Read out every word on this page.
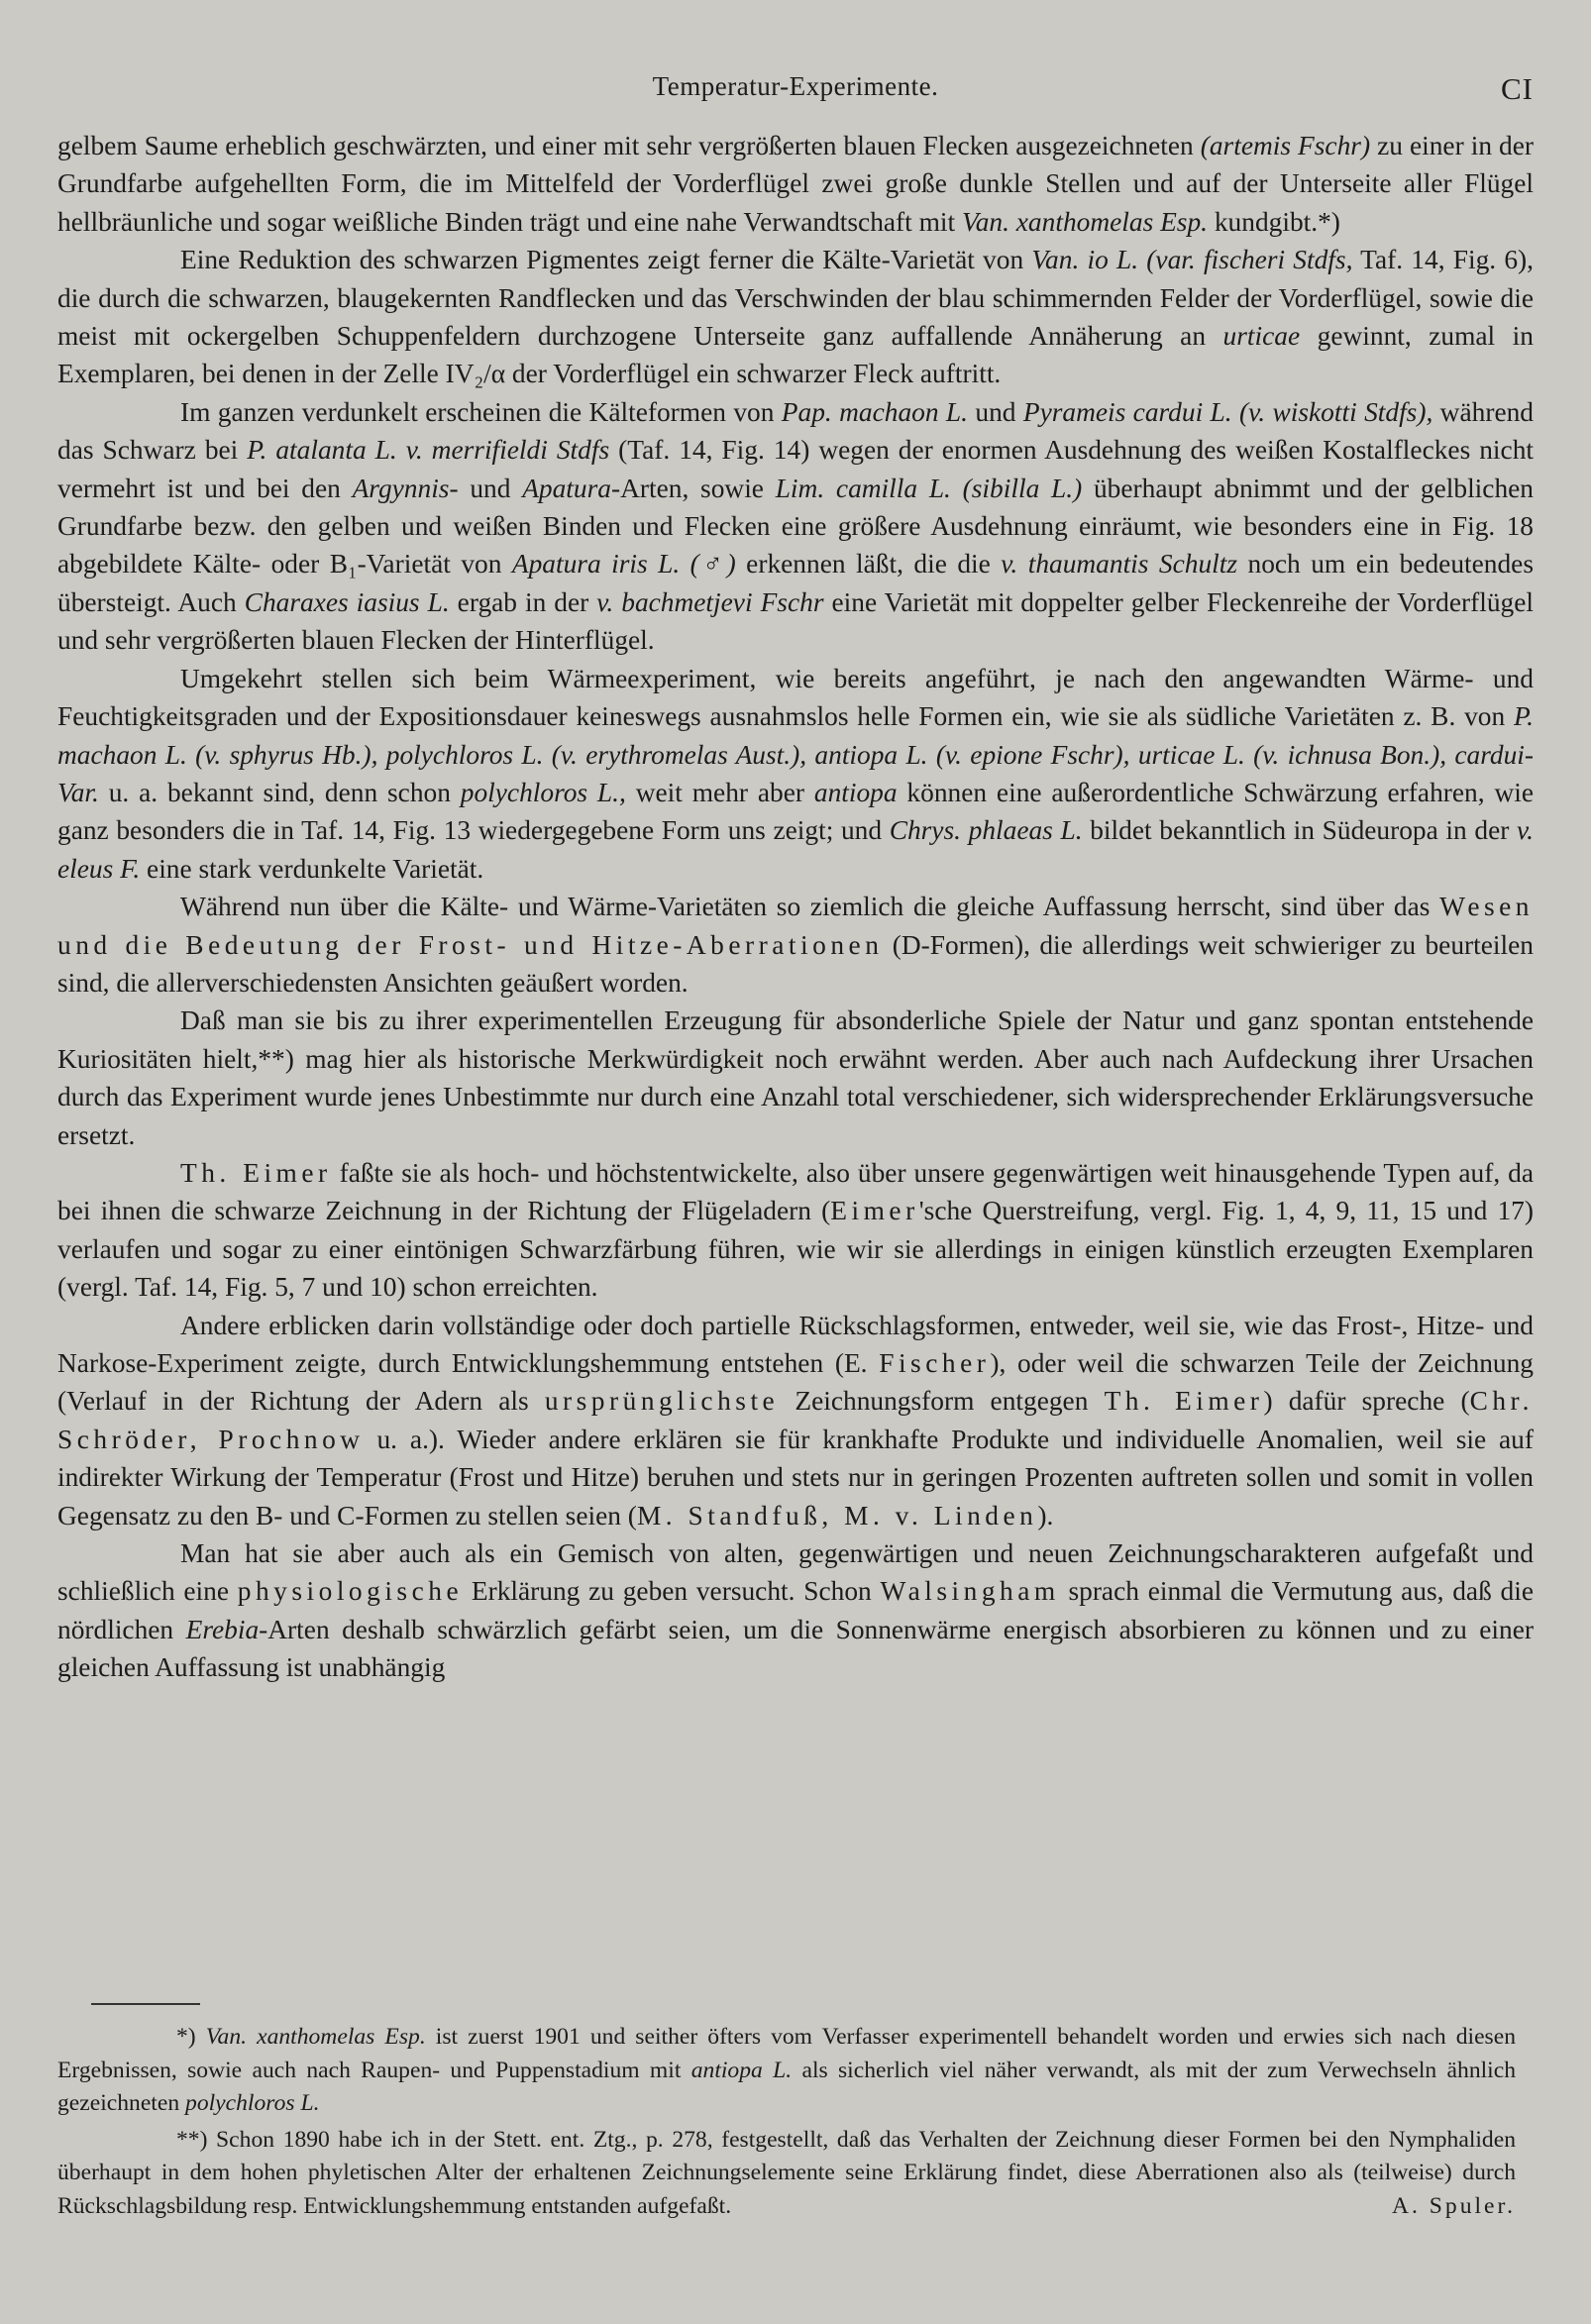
Temperatur-Experimente.	CI

gelbem Saume erheblich geschwärzten, und einer mit sehr vergrößerten blauen Flecken ausgezeichneten (artemis Fschr) zu einer in der Grundfarbe aufgehellten Form, die im Mittelfeld der Vorderflügel zwei große dunkle Stellen und auf der Unterseite aller Flügel hellbräunliche und sogar weißliche Binden trägt und eine nahe Verwandtschaft mit Van. xanthomelas Esp. kundgibt.*)

Eine Reduktion des schwarzen Pigmentes zeigt ferner die Kälte-Varietät von Van. io L. (var. fischeri Stdfs, Taf. 14, Fig. 6), die durch die schwarzen, blaugekernten Randflecken und das Verschwinden der blau schimmernden Felder der Vorderflügel, sowie die meist mit ockergelben Schuppenfeldern durchzogene Unterseite ganz auffallende Annäherung an urticae gewinnt, zumal in Exemplaren, bei denen in der Zelle IV₂/α der Vorderflügel ein schwarzer Fleck auftritt.

Im ganzen verdunkelt erscheinen die Kälteformen von Pap. machaon L. und Pyrameis cardui L. (v. wiskotti Stdfs), während das Schwarz bei P. atalanta L. v. merrifieldi Stdfs (Taf. 14, Fig. 14) wegen der enormen Ausdehnung des weißen Kostalfleckes nicht vermehrt ist und bei den Argynnis- und Apatura-Arten, sowie Lim. camilla L. (sibilla L.) überhaupt abnimmt und der gelblichen Grundfarbe bezw. den gelben und weißen Binden und Flecken eine größere Ausdehnung einräumt, wie besonders eine in Fig. 18 abgebildete Kälte- oder B₁-Varietät von Apatura iris L. (♂) erkennen läßt, die die v. thaumantis Schultz noch um ein bedeutendes übersteigt. Auch Charaxes iasius L. ergab in der v. bachmetjevi Fschr eine Varietät mit doppelter gelber Fleckenreihe der Vorderflügel und sehr vergrößerten blauen Flecken der Hinterflügel.

Umgekehrt stellen sich beim Wärmeexperiment, wie bereits angeführt, je nach den angewandten Wärme- und Feuchtigkeitsgraden und der Expositionsdauer keineswegs ausnahmslos helle Formen ein, wie sie als südliche Varietäten z. B. von P. machaon L. (v. sphyrus Hb.), polychloros L. (v. erythromelas Aust.), antiopa L. (v. epione Fschr), urticae L. (v. ichnusa Bon.), cardui-Var. u. a. bekannt sind, denn schon polychloros L., weit mehr aber antiopa können eine außerordentliche Schwärzung erfahren, wie ganz besonders die in Taf. 14, Fig. 13 wiedergegebene Form uns zeigt; und Chrys. phlaeas L. bildet bekanntlich in Südeuropa in der v. eleus F. eine stark verdunkelte Varietät.

Während nun über die Kälte- und Wärme-Varietäten so ziemlich die gleiche Auffassung herrscht, sind über das Wesen und die Bedeutung der Frost- und Hitze-Aberrationen (D-Formen), die allerdings weit schwieriger zu beurteilen sind, die allerverschiedensten Ansichten geäußert worden.

Daß man sie bis zu ihrer experimentellen Erzeugung für absonderliche Spiele der Natur und ganz spontan entstehende Kuriositäten hielt,**) mag hier als historische Merkwürdigkeit noch erwähnt werden. Aber auch nach Aufdeckung ihrer Ursachen durch das Experiment wurde jenes Unbestimmte nur durch eine Anzahl total verschiedener, sich widersprechender Erklärungsversuche ersetzt.

Th. Eimer faßte sie als hoch- und höchstentwickelte, also über unsere gegenwärtigen weit hinausgehende Typen auf, da bei ihnen die schwarze Zeichnung in der Richtung der Flügeladern (Eimer'sche Querstreifung, vergl. Fig. 1, 4, 9, 11, 15 und 17) verlaufen und sogar zu einer eintönigen Schwarzfärbung führen, wie wir sie allerdings in einigen künstlich erzeugten Exemplaren (vergl. Taf. 14, Fig. 5, 7 und 10) schon erreichten.

Andere erblicken darin vollständige oder doch partielle Rückschlagsformen, entweder, weil sie, wie das Frost-, Hitze- und Narkose-Experiment zeigte, durch Entwicklungshemmung entstehen (E. Fischer), oder weil die schwarzen Teile der Zeichnung (Verlauf in der Richtung der Adern als ursprünglichste Zeichnungsform entgegen Th. Eimer) dafür spreche (Chr. Schröder, Prochnow u. a.). Wieder andere erklären sie für krankhafte Produkte und individuelle Anomalien, weil sie auf indirekter Wirkung der Temperatur (Frost und Hitze) beruhen und stets nur in geringen Prozenten auftreten sollen und somit in vollen Gegensatz zu den B- und C-Formen zu stellen seien (M. Standfuß, M. v. Linden).

Man hat sie aber auch als ein Gemisch von alten, gegenwärtigen und neuen Zeichnungscharakteren aufgefaßt und schließlich eine physiologische Erklärung zu geben versucht. Schon Walsingham sprach einmal die Vermutung aus, daß die nördlichen Erebia-Arten deshalb schwärzlich gefärbt seien, um die Sonnenwärme energisch absorbieren zu können und zu einer gleichen Auffassung ist unabhängig

*) Van. xanthomelas Esp. ist zuerst 1901 und seither öfters vom Verfasser experimentell behandelt worden und erwies sich nach diesen Ergebnissen, sowie auch nach Raupen- und Puppenstadium mit antiopa L. als sicherlich viel näher verwandt, als mit der zum Verwechseln ähnlich gezeichneten polychloros L.

**) Schon 1890 habe ich in der Stett. ent. Ztg., p. 278, festgestellt, daß das Verhalten der Zeichnung dieser Formen bei den Nymphaliden überhaupt in dem hohen phyletischen Alter der erhaltenen Zeichnungselemente seine Erklärung findet, diese Aberrationen also als (teilweise) durch Rückschlagsbildung resp. Entwicklungshemmung entstanden aufgefaßt.	A. Spuler.
